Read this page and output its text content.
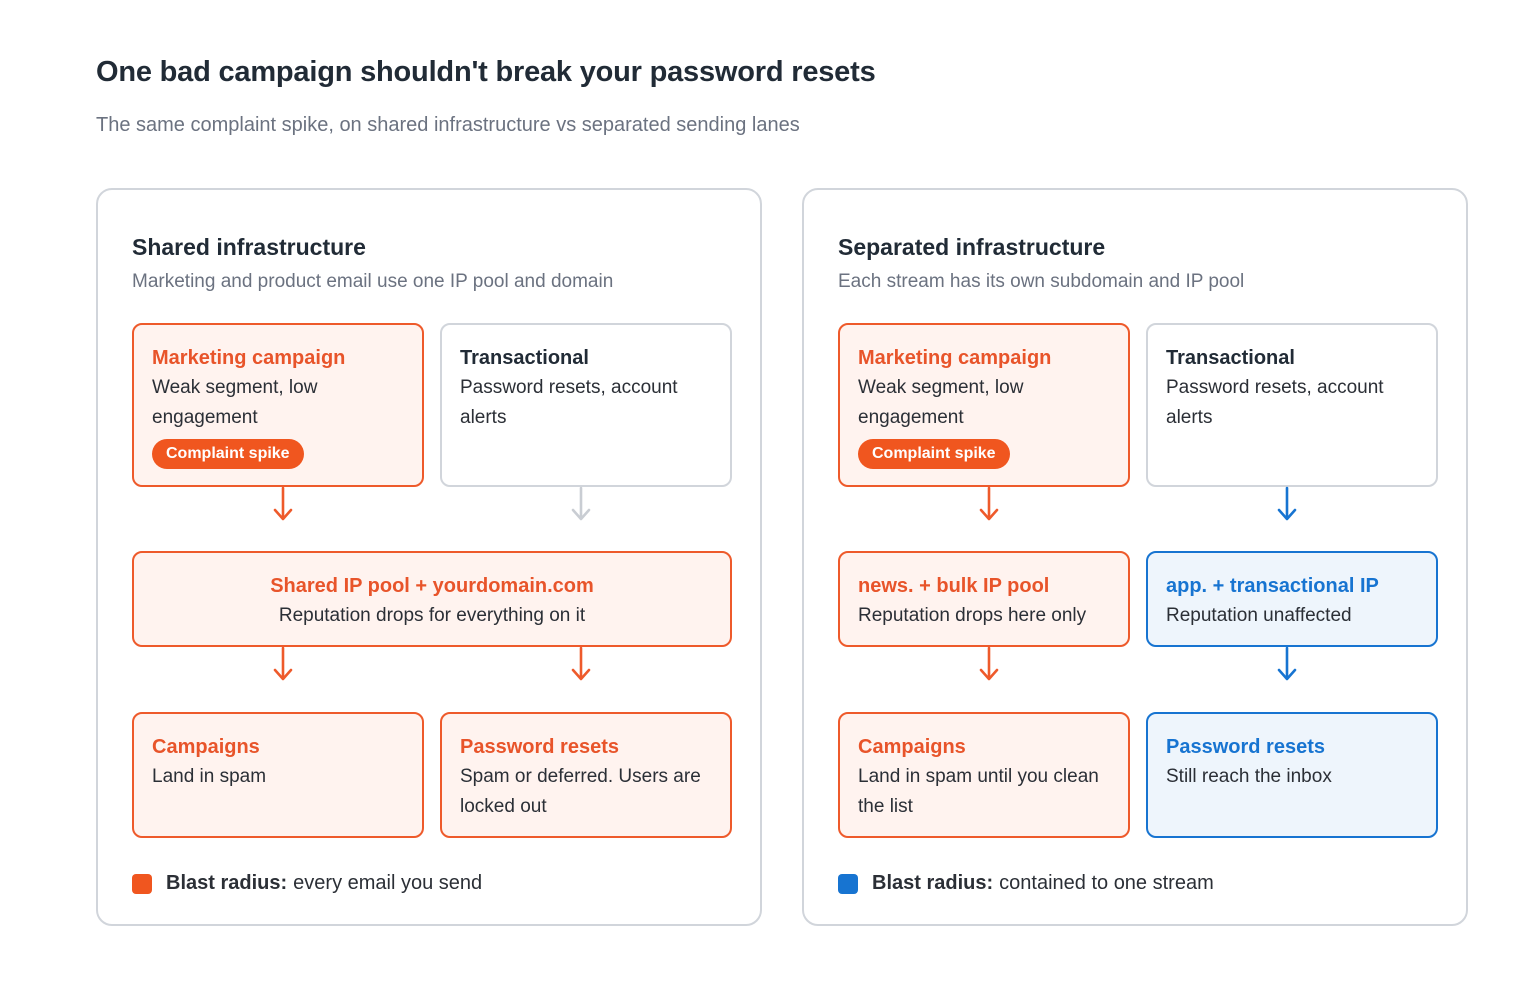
One bad campaign shouldn't break your password resets
The same complaint spike, on shared infrastructure vs separated sending lanes
Shared infrastructure
Marketing and product email use one IP pool and domain
Marketing campaign
Weak segment, low engagement
Complaint spike
Transactional
Password resets, account alerts
Shared IP pool + yourdomain.com
Reputation drops for everything on it
Campaigns
Land in spam
Password resets
Spam or deferred. Users are locked out
Blast radius: every email you send
Separated infrastructure
Each stream has its own subdomain and IP pool
Marketing campaign
Weak segment, low engagement
Complaint spike
Transactional
Password resets, account alerts
news. + bulk IP pool
Reputation drops here only
app. + transactional IP
Reputation unaffected
Campaigns
Land in spam until you clean the list
Password resets
Still reach the inbox
Blast radius: contained to one stream
